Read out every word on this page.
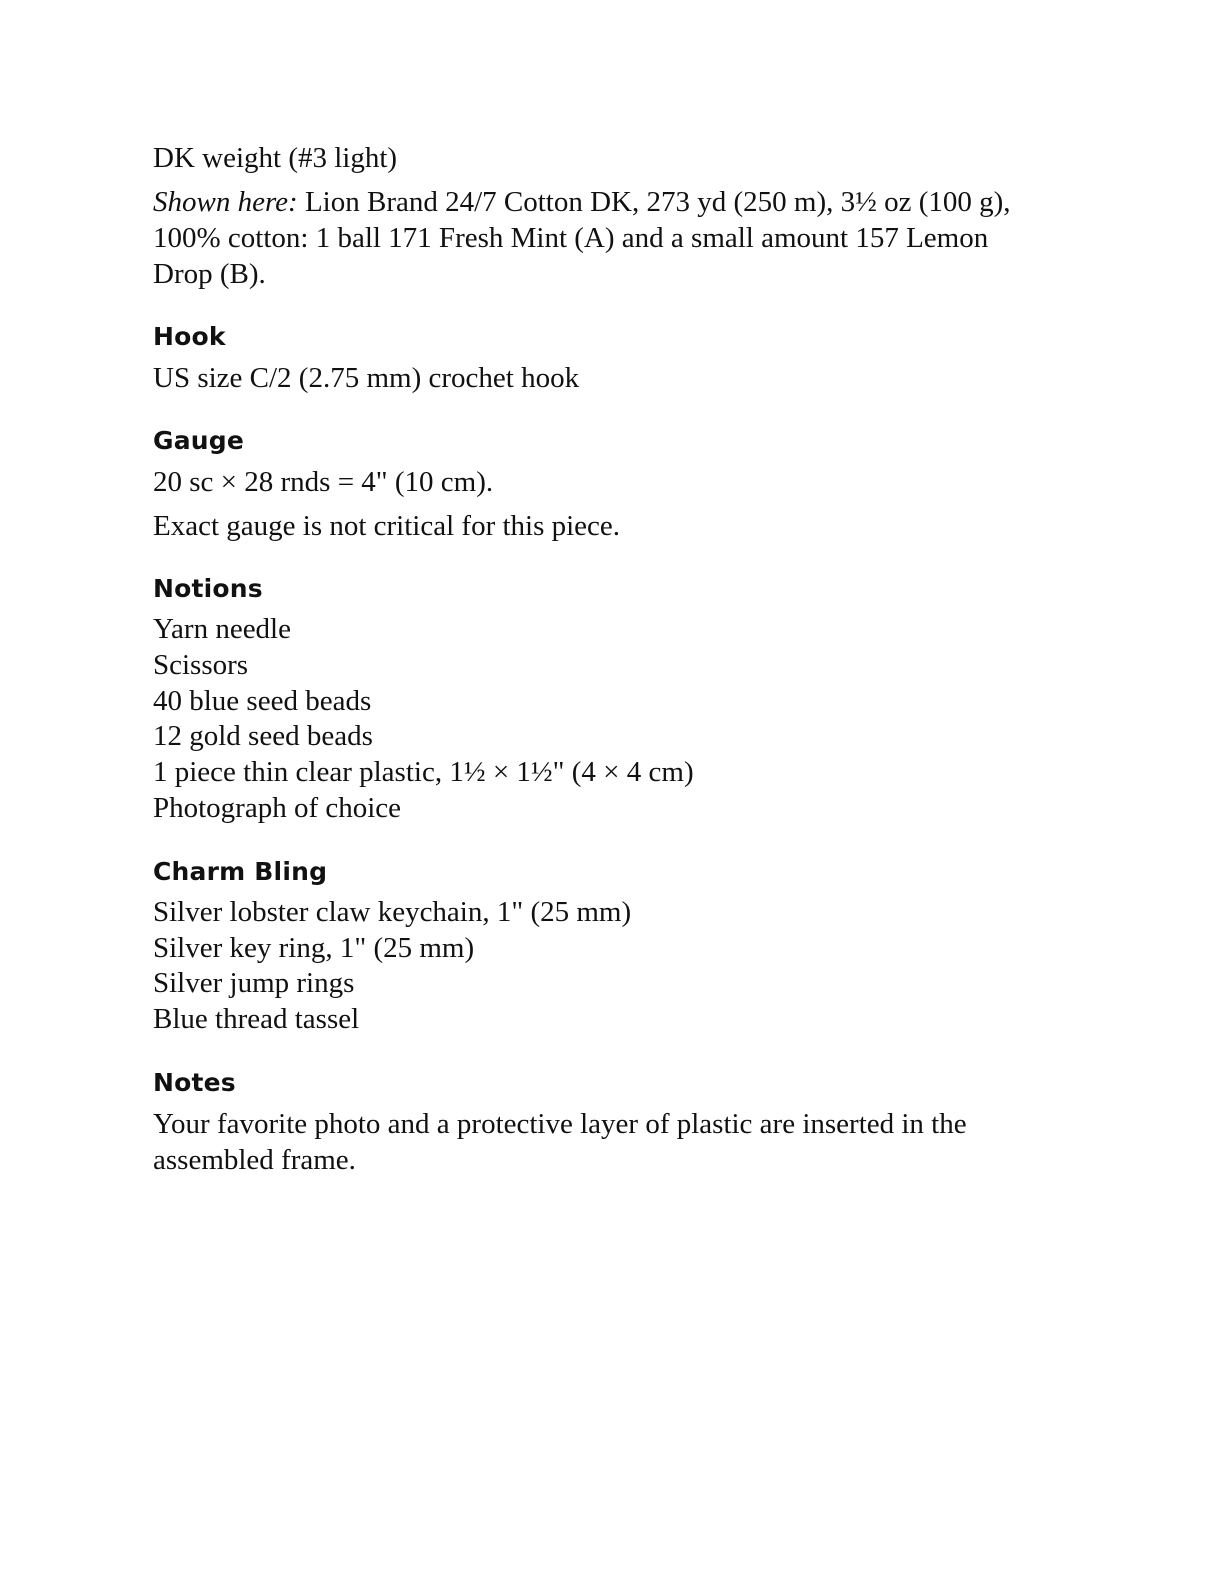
DK weight (#3 light)

Shown here: Lion Brand 24/7 Cotton DK, 273 yd (250 m), 3½ oz (100 g), 100% cotton: 1 ball 171 Fresh Mint (A) and a small amount 157 Lemon Drop (B).

Hook

US size C/2 (2.75 mm) crochet hook

Gauge

20 sc × 28 rnds = 4" (10 cm).

Exact gauge is not critical for this piece.

Notions
Yarn needle
Scissors
40 blue seed beads
12 gold seed beads
1 piece thin clear plastic, 1½ × 1½" (4 × 4 cm)
Photograph of choice
Charm Bling
Silver lobster claw keychain, 1" (25 mm)
Silver key ring, 1" (25 mm)
Silver jump rings
Blue thread tassel
Notes

Your favorite photo and a protective layer of plastic are inserted in the assembled frame.
